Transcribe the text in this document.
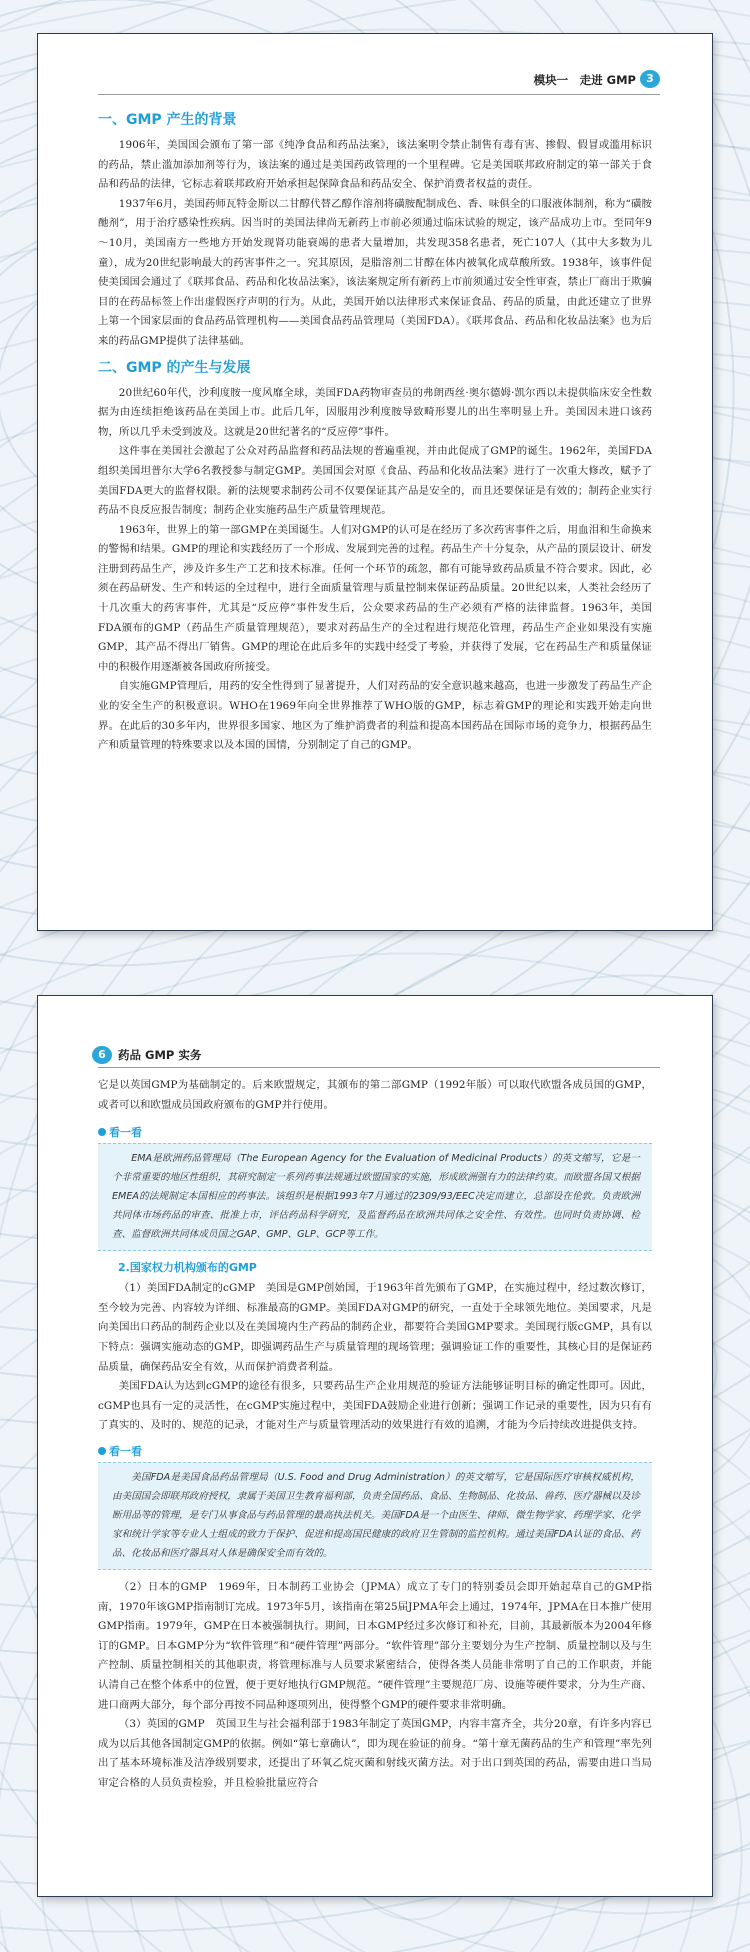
模块一　走进 GMP 3
一、GMP 产生的背景

1906年，美国国会颁布了第一部《纯净食品和药品法案》，该法案明令禁止制售有毒有害、掺假、假冒或滥用标识的药品，禁止滥加添加剂等行为，该法案的通过是美国药政管理的一个里程碑。它是美国联邦政府制定的第一部关于食品和药品的法律，它标志着联邦政府开始承担起保障食品和药品安全、保护消费者权益的责任。

1937年6月，美国药师瓦特金斯以二甘醇代替乙醇作溶剂将磺胺配制成色、香、味俱全的口服液体制剂，称为“磺胺酏剂”，用于治疗感染性疾病。因当时的美国法律尚无新药上市前必须通过临床试验的规定，该产品成功上市。至同年9～10月，美国南方一些地方开始发现肾功能衰竭的患者大量增加，共发现358名患者，死亡107人（其中大多数为儿童），成为20世纪影响最大的药害事件之一。究其原因，是脂溶剂二甘醇在体内被氧化成草酸所致。1938年，该事件促使美国国会通过了《联邦食品、药品和化妆品法案》，该法案规定所有新药上市前须通过安全性审查，禁止厂商出于欺骗目的在药品标签上作出虚假医疗声明的行为。从此，美国开始以法律形式来保证食品、药品的质量，由此还建立了世界上第一个国家层面的食品药品管理机构——美国食品药品管理局（美国FDA）。《联邦食品、药品和化妆品法案》也为后来的药品GMP提供了法律基础。

二、GMP 的产生与发展

20世纪60年代，沙利度胺一度风靡全球，美国FDA药物审查员的弗朗西丝·奥尔德姆·凯尔西以未提供临床安全性数据为由连续拒绝该药品在美国上市。此后几年，因服用沙利度胺导致畸形婴儿的出生率明显上升。美国因未进口该药物，所以几乎未受到波及。这就是20世纪著名的“反应停”事件。

这件事在美国社会激起了公众对药品监督和药品法规的普遍重视，并由此促成了GMP的诞生。1962年，美国FDA组织美国坦普尔大学6名教授参与制定GMP。美国国会对原《食品、药品和化妆品法案》进行了一次重大修改，赋予了美国FDA更大的监督权限。新的法规要求制药公司不仅要保证其产品是安全的，而且还要保证是有效的；制药企业实行药品不良反应报告制度；制药企业实施药品生产质量管理规范。

1963年，世界上的第一部GMP在美国诞生。人们对GMP的认可是在经历了多次药害事件之后，用血泪和生命换来的警惕和结果。GMP的理论和实践经历了一个形成、发展到完善的过程。药品生产十分复杂，从产品的顶层设计、研发注册到药品生产，涉及许多生产工艺和技术标准。任何一个环节的疏忽，都有可能导致药品质量不符合要求。因此，必须在药品研发、生产和转运的全过程中，进行全面质量管理与质量控制来保证药品质量。20世纪以来，人类社会经历了十几次重大的药害事件，尤其是“反应停”事件发生后，公众要求药品的生产必须有严格的法律监督。1963年，美国FDA颁布的GMP（药品生产质量管理规范），要求对药品生产的全过程进行规范化管理，药品生产企业如果没有实施GMP，其产品不得出厂销售。GMP的理论在此后多年的实践中经受了考验，并获得了发展，它在药品生产和质量保证中的积极作用逐渐被各国政府所接受。

自实施GMP管理后，用药的安全性得到了显著提升，人们对药品的安全意识越来越高，也进一步激发了药品生产企业的安全生产的积极意识。WHO在1969年向全世界推荐了WHO版的GMP，标志着GMP的理论和实践开始走向世界。在此后的30多年内，世界很多国家、地区为了维护消费者的利益和提高本国药品在国际市场的竞争力，根据药品生产和质量管理的特殊要求以及本国的国情，分别制定了自己的GMP。

6	药品 GMP 实务

它是以英国GMP为基础制定的。后来欧盟规定，其颁布的第二部GMP（1992年版）可以取代欧盟各成员国的GMP，或者可以和欧盟成员国政府颁布的GMP并行使用。

看一看

EMA是欧洲药品管理局（The European Agency for the Evaluation of Medicinal Products）的英文缩写，它是一个非常重要的地区性组织，其研究制定一系列药事法规通过欧盟国家的实施，形成欧洲强有力的法律约束。而欧盟各国又根据EMEA的法规制定本国相应的药事法。该组织是根据1993年7月通过的2309/93/EEC决定而建立，总部设在伦敦。负责欧洲共同体市场药品的审查、批准上市，评估药品科学研究，及监督药品在欧洲共同体之安全性、有效性。也同时负责协调、检查、监督欧洲共同体成员国之GAP、GMP、GLP、GCP等工作。

2.国家权力机构颁布的GMP

（1）美国FDA制定的cGMP　美国是GMP创始国，于1963年首先颁布了GMP，在实施过程中，经过数次修订，至今较为完善、内容较为详细、标准最高的GMP。美国FDA对GMP的研究，一直处于全球领先地位。美国要求，凡是向美国出口药品的制药企业以及在美国境内生产药品的制药企业，都要符合美国GMP要求。美国现行版cGMP，具有以下特点：强调实施动态的GMP，即强调药品生产与质量管理的现场管理；强调验证工作的重要性，其核心目的是保证药品质量，确保药品安全有效，从而保护消费者利益。

美国FDA认为达到cGMP的途径有很多，只要药品生产企业用规范的验证方法能够证明目标的确定性即可。因此，cGMP也具有一定的灵活性，在cGMP实施过程中，美国FDA鼓励企业进行创新；强调工作记录的重要性，因为只有有了真实的、及时的、规范的记录，才能对生产与质量管理活动的效果进行有效的追溯，才能为今后持续改进提供支持。

看一看

美国FDA是美国食品药品管理局（U.S. Food and Drug Administration）的英文缩写，它是国际医疗审核权威机构，由美国国会即联邦政府授权，隶属于美国卫生教育福利部，负责全国药品、食品、生物制品、化妆品、兽药、医疗器械以及诊断用品等的管理，是专门从事食品与药品管理的最高执法机关。美国FDA是一个由医生、律师、微生物学家、药理学家、化学家和统计学家等专业人士组成的致力于保护、促进和提高国民健康的政府卫生管制的监控机构。通过美国FDA认证的食品、药品、化妆品和医疗器具对人体是确保安全而有效的。

（2）日本的GMP　1969年，日本制药工业协会（JPMA）成立了专门的特别委员会即开始起草自己的GMP指南，1970年该GMP指南制订完成。1973年5月，该指南在第25届JPMA年会上通过，1974年，JPMA在日本推广使用GMP指南。1979年，GMP在日本被强制执行。期间，日本GMP经过多次修订和补充，目前，其最新版本为2004年修订的GMP。日本GMP分为“软件管理”和“硬件管理”两部分。“软件管理”部分主要划分为生产控制、质量控制以及与生产控制、质量控制相关的其他职责，将管理标准与人员要求紧密结合，使得各类人员能非常明了自己的工作职责，并能认清自己在整个体系中的位置，便于更好地执行GMP规范。“硬件管理”主要规范厂房、设施等硬件要求，分为生产商、进口商两大部分，每个部分再按不同品种逐项列出，使得整个GMP的硬件要求非常明确。

（3）英国的GMP　英国卫生与社会福利部于1983年制定了英国GMP，内容丰富齐全，共分20章，有许多内容已成为以后其他各国制定GMP的依据。例如“第七章确认”，即为现在验证的前身。“第十章无菌药品的生产和管理”率先列出了基本环境标准及洁净级别要求，还提出了环氧乙烷灭菌和射线灭菌方法。对于出口到英国的药品，需要由进口当局审定合格的人员负责检验，并且检验批量应符合
